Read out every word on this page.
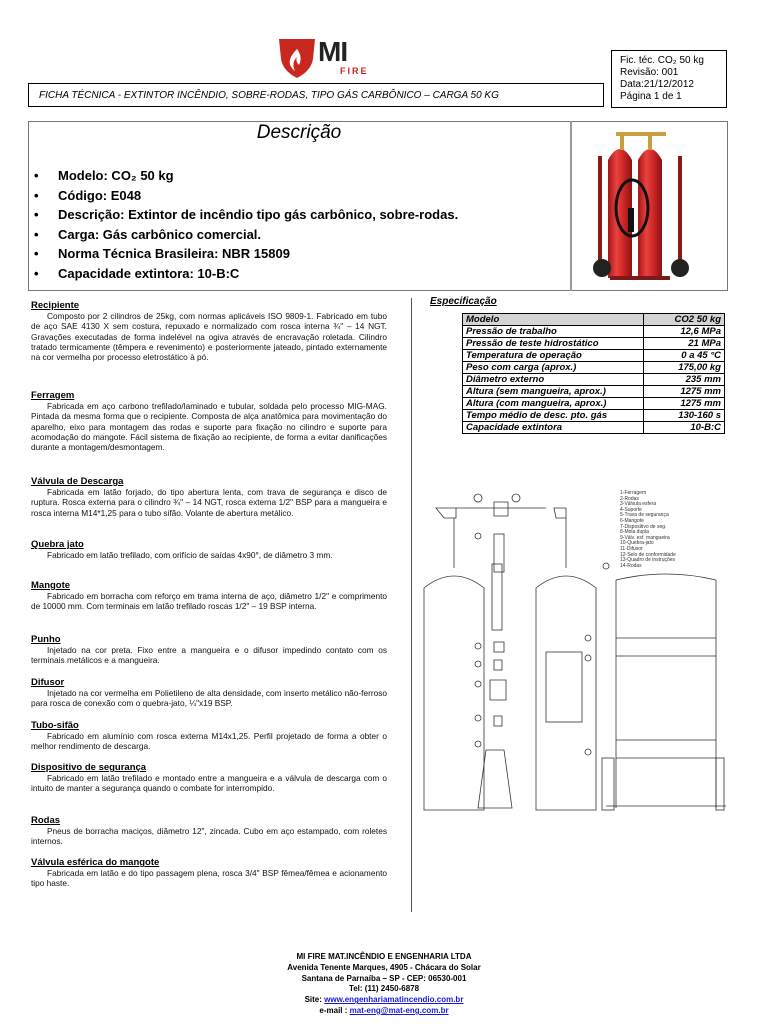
MI
FIRE
FICHA TÉCNICA - EXTINTOR INCÊNDIO, SOBRE-RODAS, TIPO GÁS CARBÔNICO – CARGA 50 KG
Fic. téc. CO₂ 50 kg
Revisão: 001
Data:21/12/2012
Página 1 de 1
Descrição
• Modelo: CO₂ 50 kg
• Código: E048
• Descrição: Extintor de incêndio tipo gás carbônico, sobre-rodas.
• Carga: Gás carbônico comercial.
• Norma Técnica Brasileira: NBR 15809
• Capacidade extintora: 10-B:C
Recipiente
Composto por 2 cilindros de 25kg, com normas aplicáveis ISO 9809-1. Fabricado em tubo de aço SAE 4130 X sem costura, repuxado e normalizado com rosca interna ¾" – 14 NGT. Gravações executadas de forma indelével na ogiva através de encravação roletada. Cilindro tratado termicamente (têmpera e revenimento) e posteriormente jateado, pintado externamente na cor vermelha por processo eletrostático à pó.
Ferragem
Fabricada em aço carbono trefilado/laminado e tubular, soldada pelo processo MIG-MAG. Pintada da mesma forma que o recipiente. Composta de alça anatômica para movimentação do aparelho, eixo para montagem das rodas e suporte para fixação no cilindro e suporte para acomodação do mangote. Fácil sistema de fixação ao recipiente, de forma a evitar danificações durante a montagem/desmontagem.
Válvula de Descarga
Fabricada em latão forjado, do tipo abertura lenta, com trava de segurança e disco de ruptura. Rosca externa para o cilindro ¾" – 14 NGT, rosca externa 1/2" BSP para a mangueira e rosca interna M14*1,25 para o tubo sifão. Volante de abertura metálico.
Quebra jato
Fabricado em latão trefilado, com orifício de saídas 4x90°, de diâmetro 3 mm.
Mangote
Fabricado em borracha com reforço em trama interna de aço, diâmetro 1/2" e comprimento de 10000 mm. Com terminais em latão trefilado roscas 1/2" – 19 BSP interna.
Punho
Injetado na cor preta. Fixo entre a mangueira e o difusor impedindo contato com os terminais metálicos e a mangueira.
Difusor
Injetado na cor vermelha em Polietileno de alta densidade, com inserto metálico não-ferroso para rosca de conexão com o quebra-jato, ¼"x19 BSP.
Tubo-sifão
Fabricado em alumínio com rosca externa M14x1,25. Perfil projetado de forma a obter o melhor rendimento de descarga.
Dispositivo de segurança
Fabricado em latão trefilado e montado entre a mangueira e a válvula de descarga com o intuito de manter a segurança quando o combate for interrompido.
Rodas
Pneus de borracha maciços, diâmetro 12", zincada. Cubo em aço estampado, com roletes internos.
Válvula esférica do mangote
Fabricada em latão e do tipo passagem plena, rosca 3/4" BSP fêmea/fêmea e acionamento tipo haste.
Especificação
Modelo	CO2 50 kg
Pressão de trabalho	12,6 MPa
Pressão de teste hidrostático	21 MPa
Temperatura de operação	0 a 45 °C
Peso com carga (aprox.)	175,00 kg
Diâmetro externo	235 mm
Altura (sem mangueira, aprox.)	1275 mm
Altura (com mangueira, aprox.)	1275 mm
Tempo médio de desc. pto. gás	130-160 s
Capacidade extintora	10-B:C
1-Ferragem
2-Rodas
3-Válvula esfera
4-Suporte
5-Trava de segurança
6-Mangote
7-Dispositivo de seg.
8-Mola dupla
9-Válv. esf. mangueira
10-Quebra-jato
11-Difusor
12-Selo de conformidade
13-Quadro de instruções
14-Rodas
MI FIRE MAT.INCÊNDIO E ENGENHARIA LTDA
Avenida Tenente Marques, 4905 - Chácara do Solar
Santana de Parnaíba – SP - CEP: 06530-001
Tel: (11) 2450-6878
Site: www.engenhariamatincendio.com.br
e-mail : mat-eng@mat-eng.com.br
